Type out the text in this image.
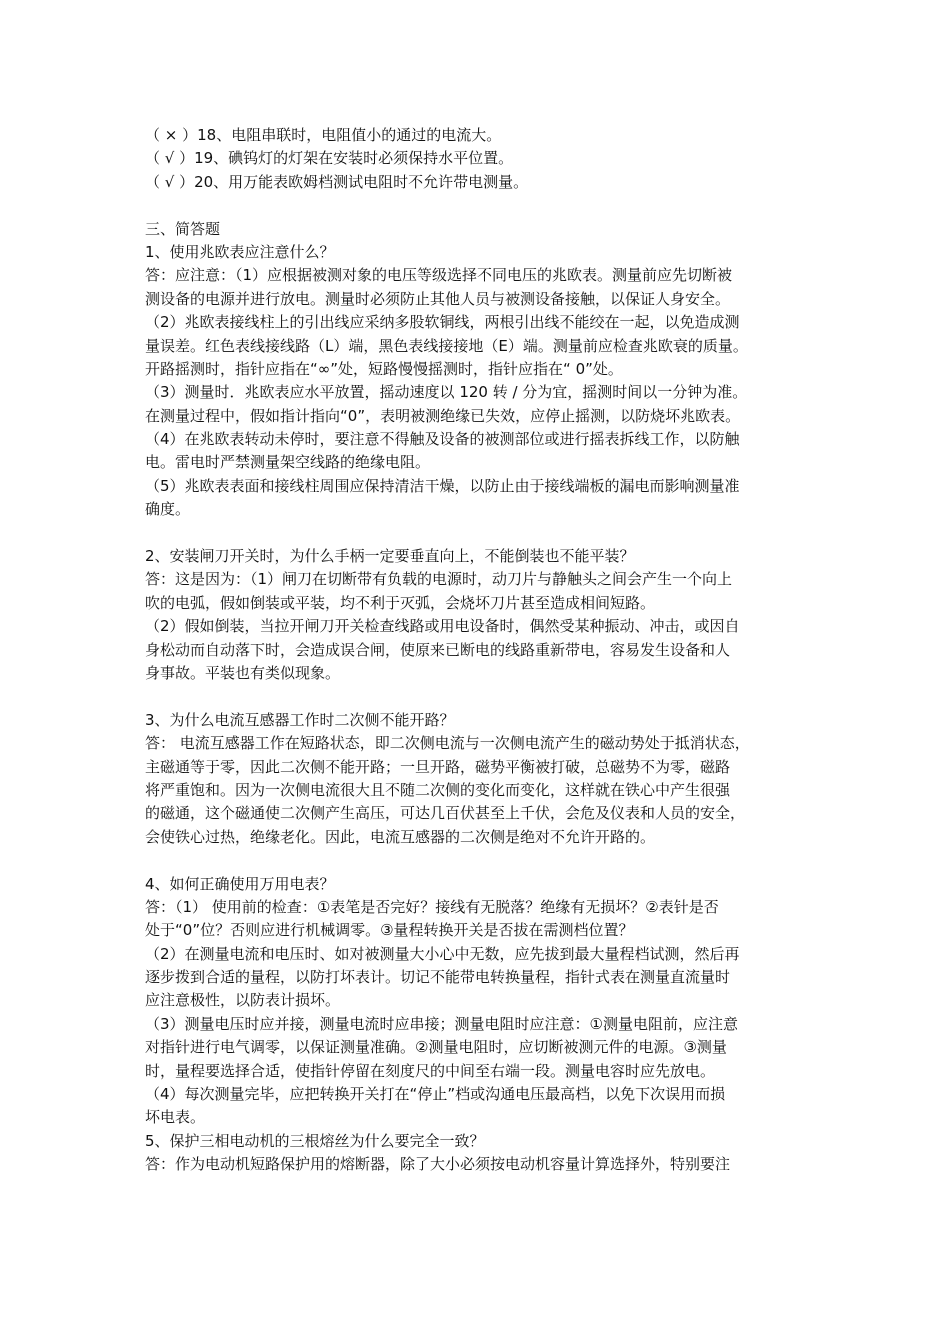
（ × ）18、电阻串联时，电阻值小的通过的电流大。
（ √ ）19、碘钨灯的灯架在安装时必须保持水平位置。
（ √ ）20、用万能表欧姆档测试电阻时不允许带电测量。
三、简答题
1、使用兆欧表应注意什么？
答：应注意：（1）应根据被测对象的电压等级选择不同电压的兆欧表。测量前应先切断被
测设备的电源并进行放电。测量时必须防止其他人员与被测设备接触，以保证人身安全。
（2）兆欧表接线柱上的引出线应采纳多股软铜线，两根引出线不能绞在一起，以免造成测
量误差。红色表线接线路（L）端，黑色表线接接地（E）端。测量前应检查兆欧衰的质量。
开路摇测时，指针应指在“∞”处，短路慢慢摇测时，指针应指在“ 0”处。
（3）测量时．兆欧表应水平放置，摇动速度以 120 转 / 分为宜，摇测时间以一分钟为准。
在测量过程中，假如指计指向“0”，表明被测绝缘已失效，应停止摇测，以防烧坏兆欧表。
（4）在兆欧表转动未停时，要注意不得触及设备的被测部位或进行摇表拆线工作，以防触
电。雷电时严禁测量架空线路的绝缘电阻。
（5）兆欧表表面和接线柱周围应保持清洁干燥，以防止由于接线端板的漏电而影响测量准
确度。
2、安装闸刀开关时，为什么手柄一定要垂直向上，不能倒装也不能平装？
答：这是因为：（1）闸刀在切断带有负载的电源时，动刀片与静触头之间会产生一个向上
吹的电弧，假如倒装或平装，均不利于灭弧，会烧坏刀片甚至造成相间短路。
（2）假如倒装，当拉开闸刀开关检查线路或用电设备时，偶然受某种振动、冲击，或因自
身松动而自动落下时，会造成误合闸，使原来已断电的线路重新带电，容易发生设备和人
身事故。平装也有类似现象。
3、为什么电流互感器工作时二次侧不能开路？
答： 电流互感器工作在短路状态，即二次侧电流与一次侧电流产生的磁动势处于抵消状态，
主磁通等于零，因此二次侧不能开路；一旦开路，磁势平衡被打破，总磁势不为零，磁路
将严重饱和。因为一次侧电流很大且不随二次侧的变化而变化，这样就在铁心中产生很强
的磁通，这个磁通使二次侧产生高压，可达几百伏甚至上千伏，会危及仪表和人员的安全，
会使铁心过热，绝缘老化。因此，电流互感器的二次侧是绝对不允许开路的。
4、如何正确使用万用电表？
答：（1） 使用前的检查：①表笔是否完好？接线有无脱落？绝缘有无损坏？②表针是否
处于“0”位？否则应进行机械调零。③量程转换开关是否拔在需测档位置？
（2）在测量电流和电压时、如对被测量大小心中无数，应先拔到最大量程档试测，然后再
逐步拨到合适的量程，以防打坏表计。切记不能带电转换量程，指针式表在测量直流量时
应注意极性，以防表计损坏。
（3）测量电压时应并接，测量电流时应串接；测量电阻时应注意：①测量电阻前，应注意
对指针进行电气调零，以保证测量准确。②测量电阻时，应切断被测元件的电源。③测量
时，量程要选择合适，使指针停留在刻度尺的中间至右端一段。测量电容时应先放电。
（4）每次测量完毕，应把转换开关打在“停止”档或沟通电压最高档，以免下次误用而损
坏电表。
5、保护三相电动机的三根熔丝为什么要完全一致？
答：作为电动机短路保护用的熔断器，除了大小必须按电动机容量计算选择外，特别要注
